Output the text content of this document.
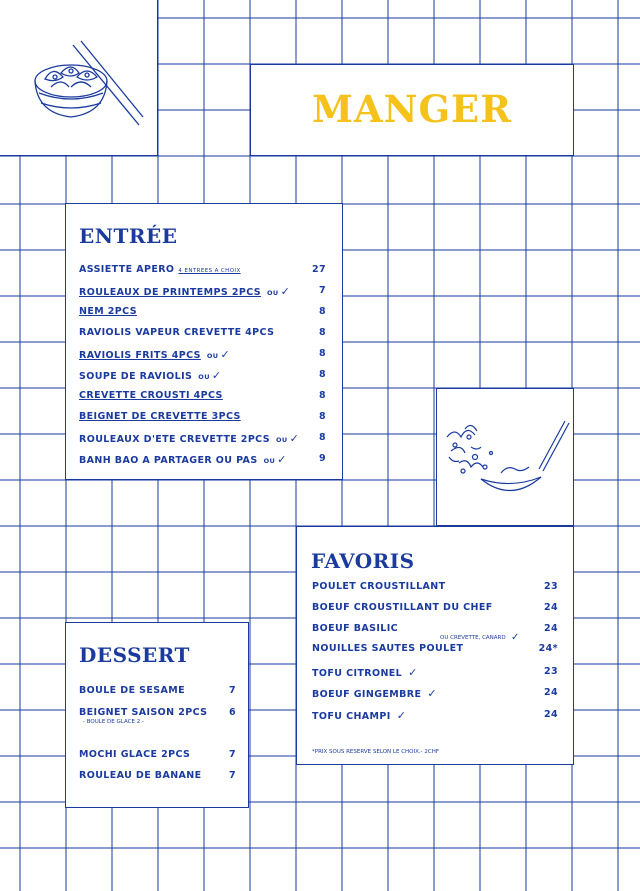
MANGER
ENTRÉE
ASSIETTE APERO 4 ENTREES A CHOIX	27
ROULEAUX DE PRINTEMPS 2PCS OU ✓	7
NEM 2PCS	8
RAVIOLIS VAPEUR CREVETTE 4PCS	8
RAVIOLIS FRITS 4PCS OU ✓	8
SOUPE DE RAVIOLIS OU ✓	8
CREVETTE CROUSTI 4PCS	8
BEIGNET DE CREVETTE 3PCS	8
ROULEAUX D'ETE CREVETTE 2PCS OU ✓ 8
BANH BAO A PARTAGER OU PAS OU ✓	9
FAVORIS
POULET CROUSTILLANT	23
BOEUF CROUSTILLANT DU CHEF	24
BOEUF BASILIC	24
OU CREVETTE, CANARD ✓
NOUILLES SAUTES POULET	24*
TOFU CITRONEL ✓	23
BOEUF GINGEMBRE ✓	24
TOFU CHAMPI ✓	24
*PRIX SOUS RESERVE SELON LE CHOIX.- 2CHF
DESSERT
BOULE DE SESAME	7
BEIGNET SAISON 2PCS 6
- BOULE DE GLACE 2.-
MOCHI GLACE 2PCS	7
ROULEAU DE BANANE	7
